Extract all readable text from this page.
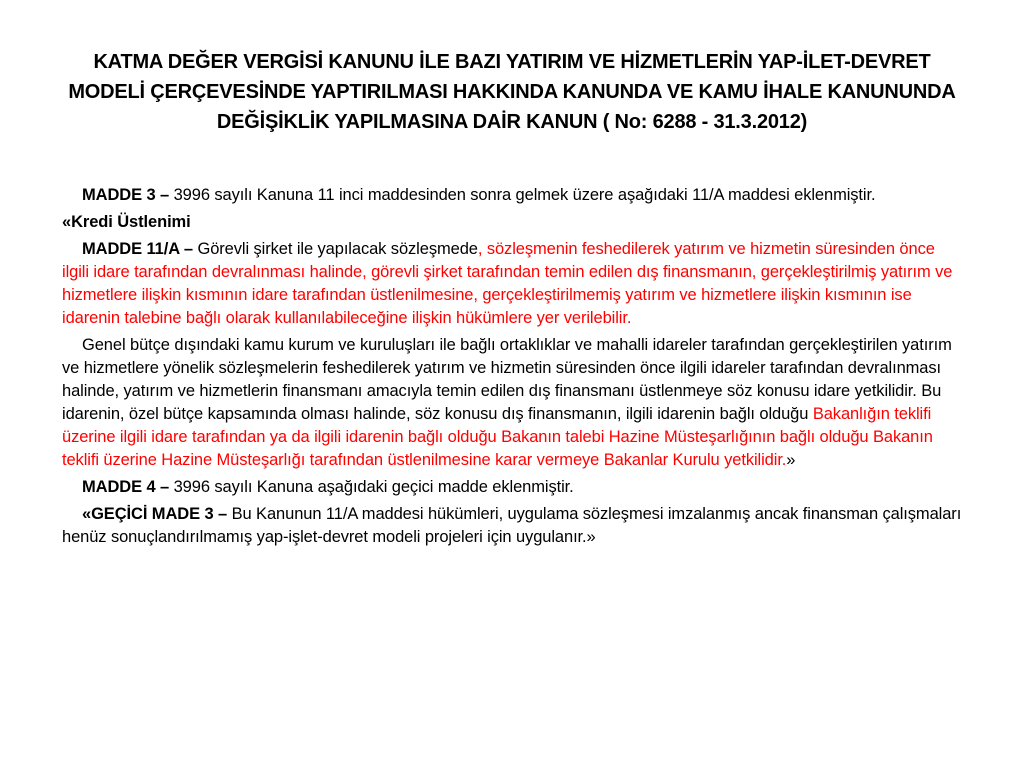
KATMA DEĞER VERGİSİ KANUNU İLE BAZI YATIRIM VE HİZMETLERİN YAP-İLET-DEVRET MODELİ ÇERÇEVESİNDE YAPTIRILMASI HAKKINDA KANUNDA VE KAMU İHALE KANUNUNDA DEĞİŞİKLİK YAPILMASINA DAİR KANUN ( No: 6288 - 31.3.2012)

MADDE 3 – 3996 sayılı Kanuna 11 inci maddesinden sonra gelmek üzere aşağıdaki 11/A maddesi eklenmiştir.

«Kredi Üstlenimi

MADDE 11/A – Görevli şirket ile yapılacak sözleşmede, sözleşmenin feshedilerek yatırım ve hizmetin süresinden önce ilgili idare tarafından devralınması halinde, görevli şirket tarafından temin edilen dış finansmanın, gerçekleştirilmiş yatırım ve hizmetlere ilişkin kısmının idare tarafından üstlenilmesine, gerçekleştirilmemiş yatırım ve hizmetlere ilişkin kısmının ise idarenin talebine bağlı olarak kullanılabileceğine ilişkin hükümlere yer verilebilir.

Genel bütçe dışındaki kamu kurum ve kuruluşları ile bağlı ortaklıklar ve mahalli idareler tarafından gerçekleştirilen yatırım ve hizmetlere yönelik sözleşmelerin feshedilerek yatırım ve hizmetin süresinden önce ilgili idareler tarafından devralınması halinde, yatırım ve hizmetlerin finansmanı amacıyla temin edilen dış finansmanı üstlenmeye söz konusu idare yetkilidir. Bu idarenin, özel bütçe kapsamında olması halinde, söz konusu dış finansmanın, ilgili idarenin bağlı olduğu Bakanlığın teklifi üzerine ilgili idare tarafından ya da ilgili idarenin bağlı olduğu Bakanın talebi Hazine Müsteşarlığının bağlı olduğu Bakanın teklifi üzerine Hazine Müsteşarlığı tarafından üstlenilmesine karar vermeye Bakanlar Kurulu yetkilidir.»

MADDE 4 – 3996 sayılı Kanuna aşağıdaki geçici madde eklenmiştir.

«GEÇİCİ MADE 3 – Bu Kanunun 11/A maddesi hükümleri, uygulama sözleşmesi imzalanmış ancak finansman çalışmaları henüz sonuçlandırılmamış yap-işlet-devret modeli projeleri için uygulanır.»
